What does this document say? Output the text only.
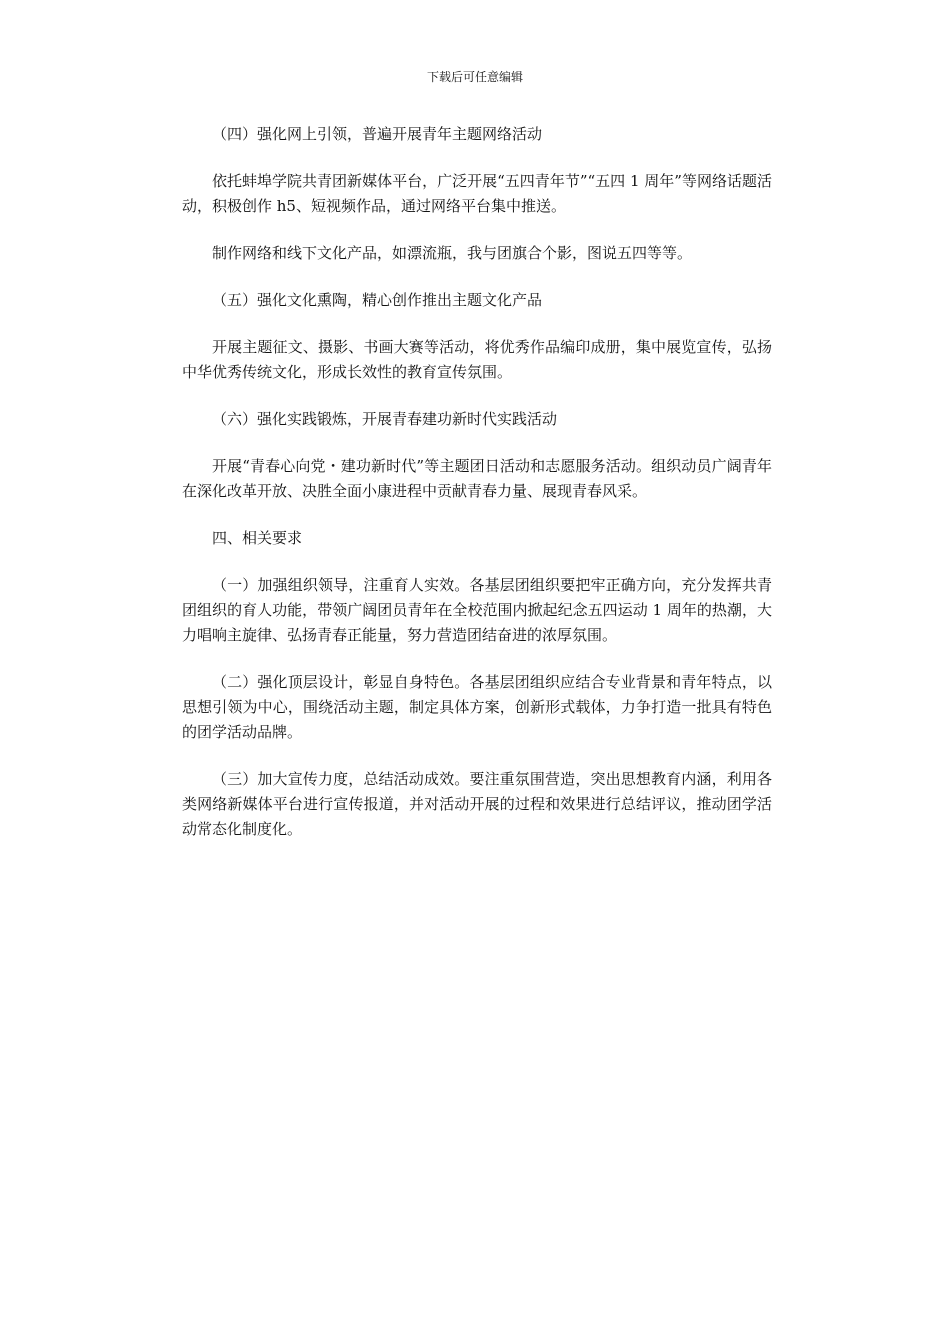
下载后可任意编辑

（四）强化网上引领，普遍开展青年主题网络活动

依托蚌埠学院共青团新媒体平台，广泛开展“五四青年节”“五四 1 周年”等网络话题活动，积极创作 h5、短视频作品，通过网络平台集中推送。

制作网络和线下文化产品，如漂流瓶，我与团旗合个影，图说五四等等。

（五）强化文化熏陶，精心创作推出主题文化产品

开展主题征文、摄影、书画大赛等活动，将优秀作品编印成册，集中展览宣传，弘扬中华优秀传统文化，形成长效性的教育宣传氛围。

（六）强化实践锻炼，开展青春建功新时代实践活动

开展“青春心向党・建功新时代”等主题团日活动和志愿服务活动。组织动员广阔青年在深化改革开放、决胜全面小康进程中贡献青春力量、展现青春风采。

四、相关要求

（一）加强组织领导，注重育人实效。各基层团组织要把牢正确方向，充分发挥共青团组织的育人功能，带领广阔团员青年在全校范围内掀起纪念五四运动 1 周年的热潮，大力唱响主旋律、弘扬青春正能量，努力营造团结奋进的浓厚氛围。

（二）强化顶层设计，彰显自身特色。各基层团组织应结合专业背景和青年特点，以思想引领为中心，围绕活动主题，制定具体方案，创新形式载体，力争打造一批具有特色的团学活动品牌。

（三）加大宣传力度，总结活动成效。要注重氛围营造，突出思想教育内涵，利用各类网络新媒体平台进行宣传报道，并对活动开展的过程和效果进行总结评议，推动团学活动常态化制度化。
